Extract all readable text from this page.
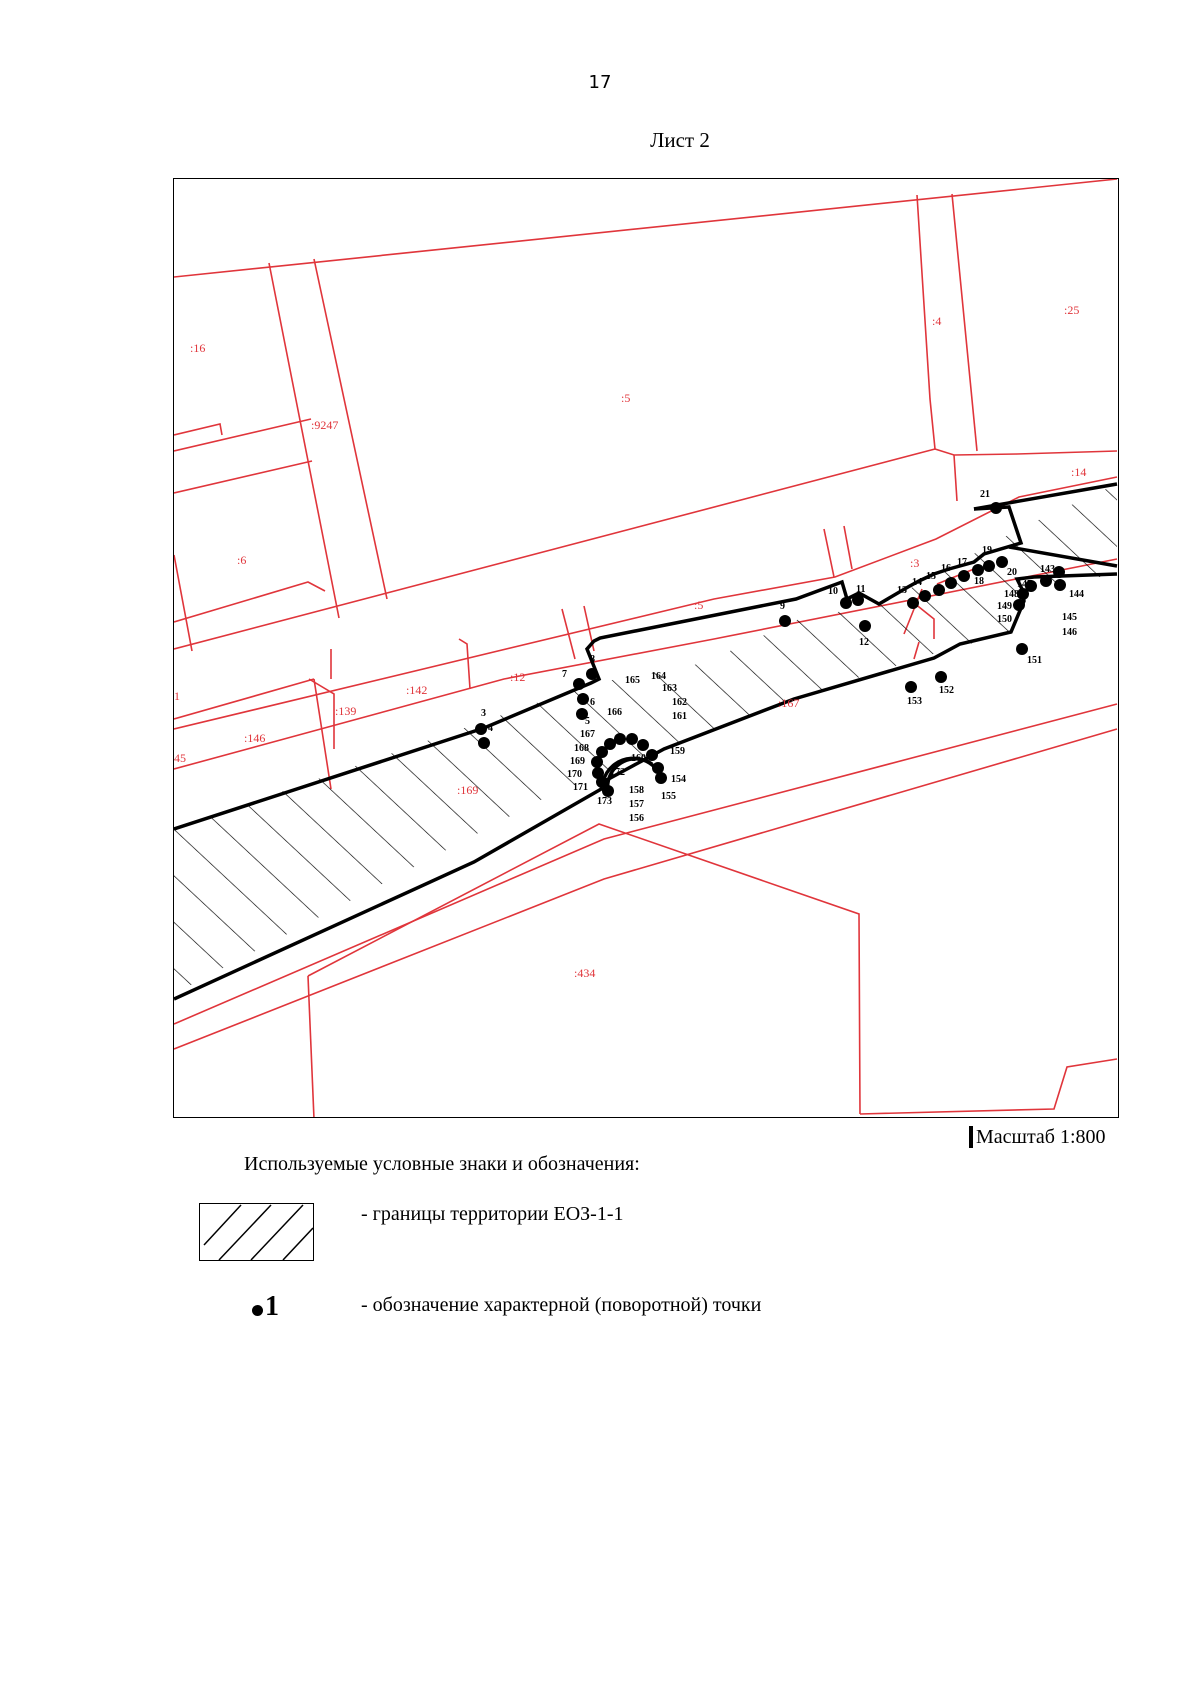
17
Лист 2
:16
:9247
:5
:4
:25
:14
:6	:3
:5
:12
:142
:139
:146
1
45
:169
:167
:434
3
4
5
6
7
8
9
10 11
12
13
14
15
16
17
18
19
20
21
143
144
145
146
147
148
149
150
151
152
153
154
155
156
157
158
159
160
161
162
163
164
165
166
167
168
169
170
171
172
173
Масштаб 1:800
Используемые условные знаки и обозначения:
- границы территории ЕОЗ-1-1
1	- обозначение характерной (поворотной) точки
